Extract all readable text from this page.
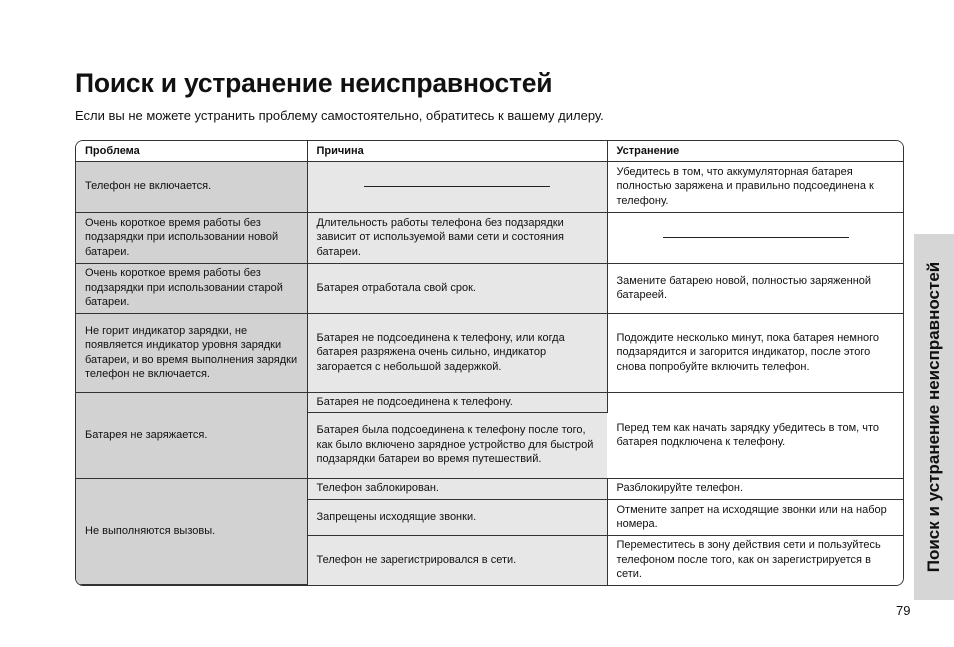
Поиск и устранение неисправностей

Если вы не можете устранить проблему самостоятельно, обратитесь к вашему дилеру.

Проблема	Причина	Устранение
Телефон не включается.		Убедитесь в том, что аккумуляторная батарея полностью заряжена и правильно подсоединена к телефону.
Очень короткое время работы без подзарядки при использовании новой батареи.	Длительность работы телефона без подзарядки зависит от используемой вами сети и состояния батареи.	

Очень короткое время работы без подзарядки при использовании старой батареи.	Батарея отработала свой срок.	Замените батарею новой, полностью заряженной батареей.
Не горит индикатор зарядки, не появляется индикатор уровня зарядки батареи, и во время выполнения зарядки телефон не включается.	Батарея не подсоединена к телефону, или когда батарея разряжена очень сильно, индикатор загорается с небольшой задержкой.	Подождите несколько минут, пока батарея немного подзарядится и загорится индикатор, после этого снова попробуйте включить телефон.
Батарея не заряжается.	Батарея не подсоединена к телефону.	Перед тем как начать зарядку убедитесь в том, что батарея подключена к телефону.
	Батарея была подсоединена к телефону после того, как было включено зарядное устройство для быстрой подзарядки батареи во время путешествий.	
Не выполняются вызовы.	Телефон заблокирован.	Разблокируйте телефон.
	Запрещены исходящие звонки.	Отмените запрет на исходящие звонки или на набор номера.
	Телефон не зарегистрировался в сети.	Переместитесь в зону действия сети и пользуйтесь телефоном после того, как он зарегистрируется в сети.
Поиск и устранение неисправностей
79
